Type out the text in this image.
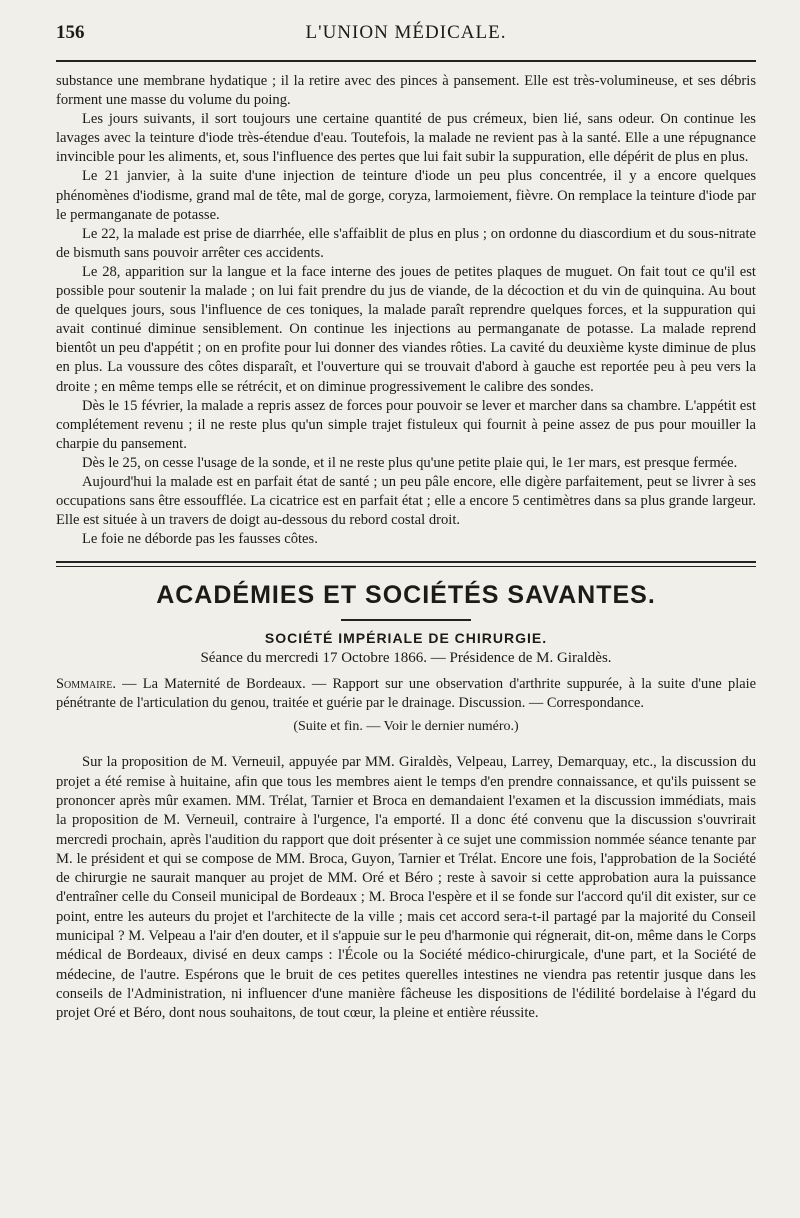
156	L'UNION MÉDICALE.

substance une membrane hydatique ; il la retire avec des pinces à pansement. Elle est très-volumineuse, et ses débris forment une masse du volume du poing.

Les jours suivants, il sort toujours une certaine quantité de pus crémeux, bien lié, sans odeur. On continue les lavages avec la teinture d'iode très-étendue d'eau. Toutefois, la malade ne revient pas à la santé. Elle a une répugnance invincible pour les aliments, et, sous l'influence des pertes que lui fait subir la suppuration, elle dépérit de plus en plus.

Le 21 janvier, à la suite d'une injection de teinture d'iode un peu plus concentrée, il y a encore quelques phénomènes d'iodisme, grand mal de tête, mal de gorge, coryza, larmoiement, fièvre. On remplace la teinture d'iode par le permanganate de potasse.

Le 22, la malade est prise de diarrhée, elle s'affaiblit de plus en plus ; on ordonne du diascordium et du sous-nitrate de bismuth sans pouvoir arrêter ces accidents.

Le 28, apparition sur la langue et la face interne des joues de petites plaques de muguet. On fait tout ce qu'il est possible pour soutenir la malade ; on lui fait prendre du jus de viande, de la décoction et du vin de quinquina. Au bout de quelques jours, sous l'influence de ces toniques, la malade paraît reprendre quelques forces, et la suppuration qui avait continué diminue sensiblement. On continue les injections au permanganate de potasse. La malade reprend bientôt un peu d'appétit ; on en profite pour lui donner des viandes rôties. La cavité du deuxième kyste diminue de plus en plus. La voussure des côtes disparaît, et l'ouverture qui se trouvait d'abord à gauche est reportée peu à peu vers la droite ; en même temps elle se rétrécit, et on diminue progressivement le calibre des sondes.

Dès le 15 février, la malade a repris assez de forces pour pouvoir se lever et marcher dans sa chambre. L'appétit est complétement revenu ; il ne reste plus qu'un simple trajet fistuleux qui fournit à peine assez de pus pour mouiller la charpie du pansement.

Dès le 25, on cesse l'usage de la sonde, et il ne reste plus qu'une petite plaie qui, le 1er mars, est presque fermée.

Aujourd'hui la malade est en parfait état de santé ; un peu pâle encore, elle digère parfaitement, peut se livrer à ses occupations sans être essoufflée. La cicatrice est en parfait état ; elle a encore 5 centimètres dans sa plus grande largeur. Elle est située à un travers de doigt au-dessous du rebord costal droit.

Le foie ne déborde pas les fausses côtes.

ACADÉMIES ET SOCIÉTÉS SAVANTES.
SOCIÉTÉ IMPÉRIALE DE CHIRURGIE.
Séance du mercredi 17 Octobre 1866. — Présidence de M. Giraldès.
Sommaire. — La Maternité de Bordeaux. — Rapport sur une observation d'arthrite suppurée, à la suite d'une plaie pénétrante de l'articulation du genou, traitée et guérie par le drainage. Discussion. — Correspondance.
(Suite et fin. — Voir le dernier numéro.)

Sur la proposition de M. Verneuil, appuyée par MM. Giraldès, Velpeau, Larrey, Demarquay, etc., la discussion du projet a été remise à huitaine, afin que tous les membres aient le temps d'en prendre connaissance, et qu'ils puissent se prononcer après mûr examen. MM. Trélat, Tarnier et Broca en demandaient l'examen et la discussion immédiats, mais la proposition de M. Verneuil, contraire à l'urgence, l'a emporté. Il a donc été convenu que la discussion s'ouvrirait mercredi prochain, après l'audition du rapport que doit présenter à ce sujet une commission nommée séance tenante par M. le président et qui se compose de MM. Broca, Guyon, Tarnier et Trélat. Encore une fois, l'approbation de la Société de chirurgie ne saurait manquer au projet de MM. Oré et Béro ; reste à savoir si cette approbation aura la puissance d'entraîner celle du Conseil municipal de Bordeaux ; M. Broca l'espère et il se fonde sur l'accord qu'il dit exister, sur ce point, entre les auteurs du projet et l'architecte de la ville ; mais cet accord sera-t-il partagé par la majorité du Conseil municipal ? M. Velpeau a l'air d'en douter, et il s'appuie sur le peu d'harmonie qui régnerait, dit-on, même dans le Corps médical de Bordeaux, divisé en deux camps : l'École ou la Société médico-chirurgicale, d'une part, et la Société de médecine, de l'autre. Espérons que le bruit de ces petites querelles intestines ne viendra pas retentir jusque dans les conseils de l'Administration, ni influencer d'une manière fâcheuse les dispositions de l'édilité bordelaise à l'égard du projet Oré et Béro, dont nous souhaitons, de tout cœur, la pleine et entière réussite.
